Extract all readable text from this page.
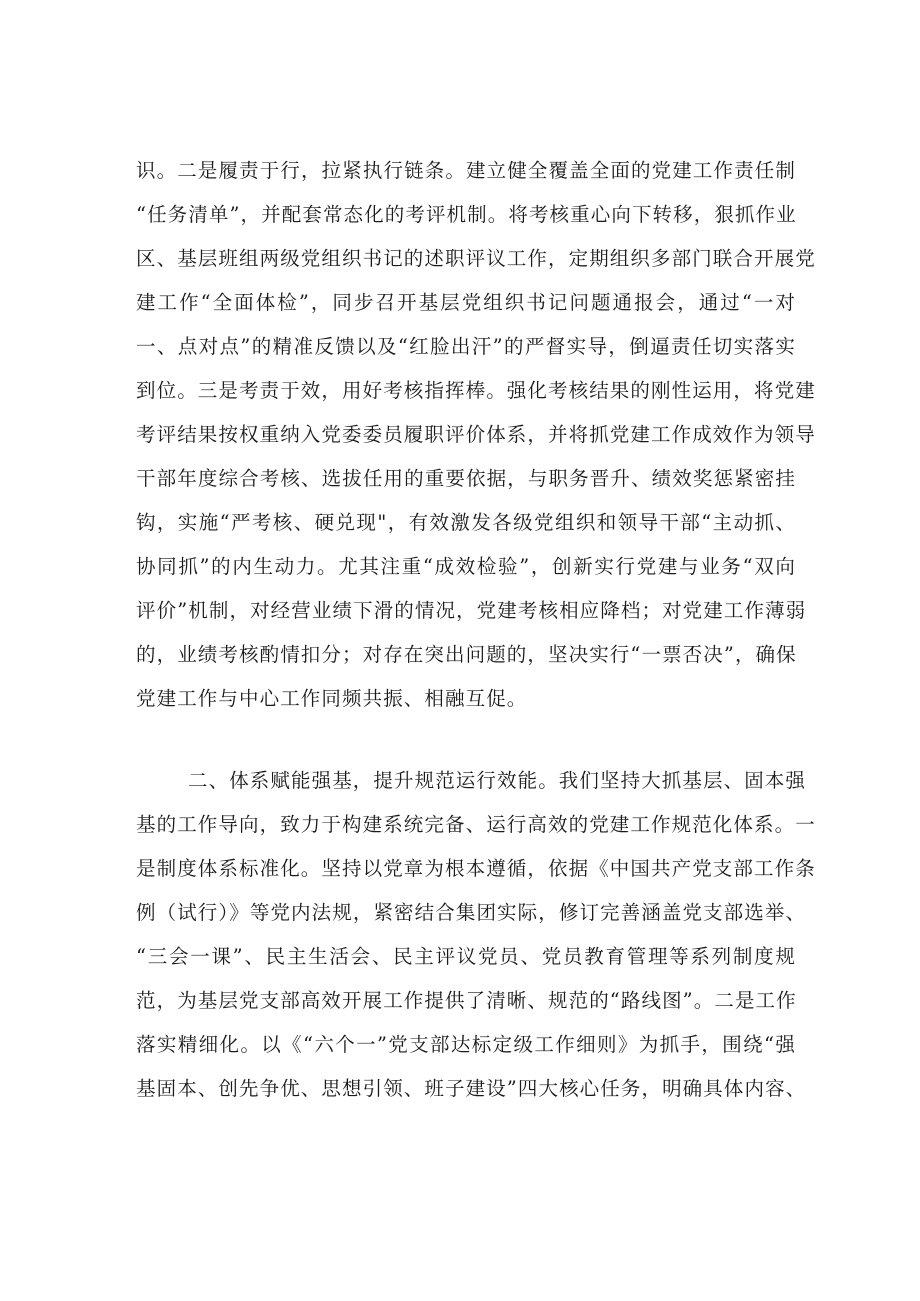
识。二是履责于行，拉紧执行链条。建立健全覆盖全面的党建工作责任制
“任务清单”，并配套常态化的考评机制。将考核重心向下转移，狠抓作业
区、基层班组两级党组织书记的述职评议工作，定期组织多部门联合开展党
建工作“全面体检”，同步召开基层党组织书记问题通报会，通过“一对
一、点对点”的精准反馈以及“红脸出汗”的严督实导，倒逼责任切实落实
到位。三是考责于效，用好考核指挥棒。强化考核结果的刚性运用，将党建
考评结果按权重纳入党委委员履职评价体系，并将抓党建工作成效作为领导
干部年度综合考核、选拔任用的重要依据，与职务晋升、绩效奖惩紧密挂
钩，实施“严考核、硬兑现"，有效激发各级党组织和领导干部“主动抓、
协同抓”的内生动力。尤其注重“成效检验”，创新实行党建与业务“双向
评价”机制，对经营业绩下滑的情况，党建考核相应降档；对党建工作薄弱
的，业绩考核酌情扣分；对存在突出问题的，坚决实行“一票否决”，确保
党建工作与中心工作同频共振、相融互促。
二、体系赋能强基，提升规范运行效能。我们坚持大抓基层、固本强
基的工作导向，致力于构建系统完备、运行高效的党建工作规范化体系。一
是制度体系标准化。坚持以党章为根本遵循，依据《中国共产党支部工作条
例（试行）》等党内法规，紧密结合集团实际，修订完善涵盖党支部选举、
“三会一课”、民主生活会、民主评议党员、党员教育管理等系列制度规
范，为基层党支部高效开展工作提供了清晰、规范的“路线图”。二是工作
落实精细化。以《“六个一”党支部达标定级工作细则》为抓手，围绕“强
基固本、创先争优、思想引领、班子建设”四大核心任务，明确具体内容、
